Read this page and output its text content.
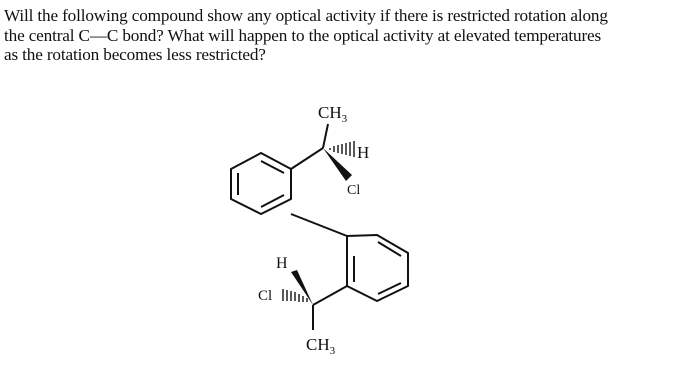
Will the following compound show any optical activity if there is restricted rotation along
the central C—C bond? What will happen to the optical activity at elevated temperatures
as the rotation becomes less restricted?

$CH_3$
H
Cl
H
Cl
$CH_3$
